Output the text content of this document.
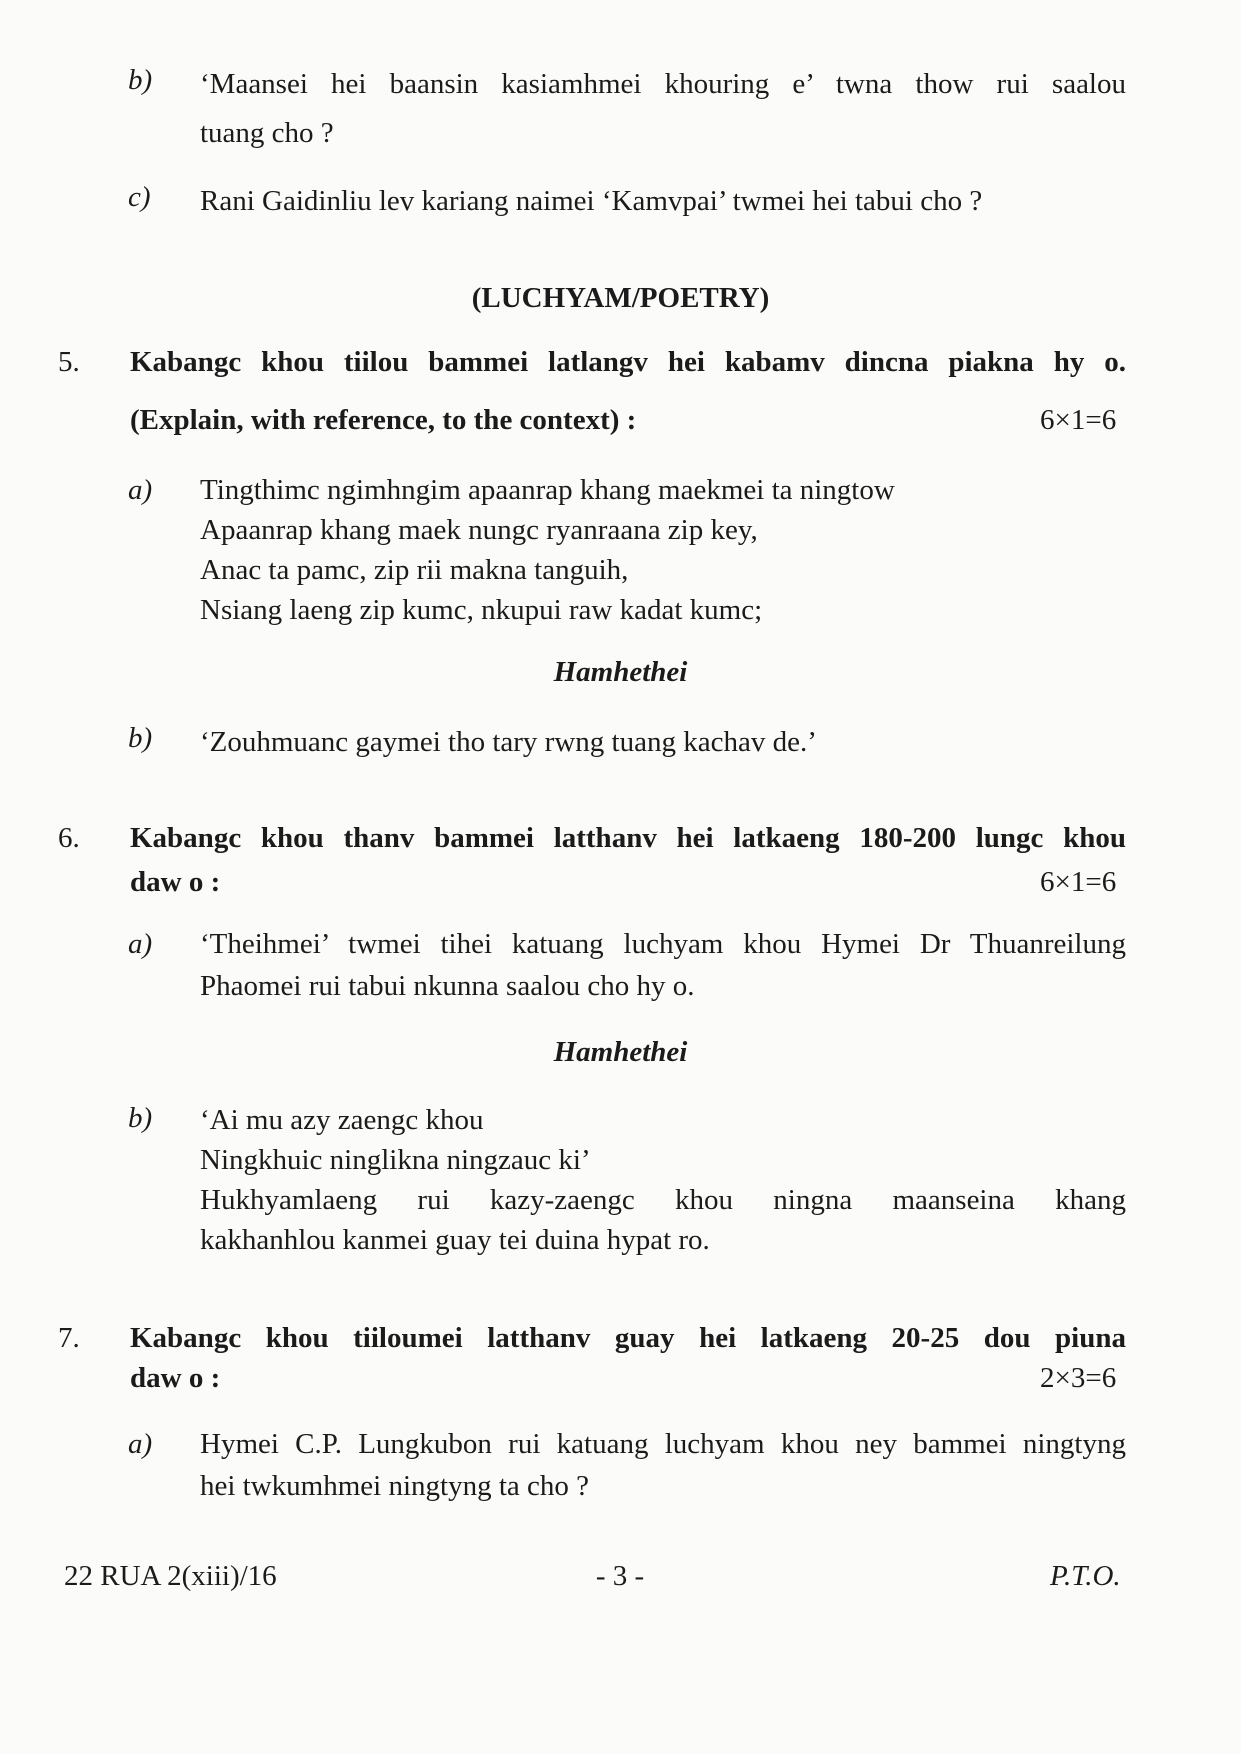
b) ‘Maansei hei baansin kasiamhmei khouring e’ twna thow rui saalou
tuang cho ?
c) Rani Gaidinliu lev kariang naimei ‘Kamvpai’ twmei hei tabui cho ?
(LUCHYAM/POETRY)
5. Kabangc khou tiilou bammei latlangv hei kabamv dincna piakna hy o.
(Explain, with reference, to the context) :	6×1=6
a) Tingthimc ngimhngim apaanrap khang maekmei ta ningtow
Apaanrap khang maek nungc ryanraana zip key,
Anac ta pamc, zip rii makna tanguih,
Nsiang laeng zip kumc, nkupui raw kadat kumc;
Hamhethei
b) ‘Zouhmuanc gaymei tho tary rwng tuang kachav de.’
6. Kabangc khou thanv bammei latthanv hei latkaeng 180-200 lungc khou
daw o :	6×1=6
a) ‘Theihmei’ twmei tihei katuang luchyam khou Hymei Dr Thuanreilung
Phaomei rui tabui nkunna saalou cho hy o.
Hamhethei
b) ‘Ai mu azy zaengc khou
Ningkhuic ninglikna ningzauc ki’
Hukhyamlaeng rui kazy-zaengc khou ningna maanseina khang
kakhanhlou kanmei guay tei duina hypat ro.
7. Kabangc khou tiiloumei latthanv guay hei latkaeng 20-25 dou piuna
daw o :	2×3=6
a) Hymei C.P. Lungkubon rui katuang luchyam khou ney bammei ningtyng
hei twkumhmei ningtyng ta cho ?
22 RUA 2(xiii)/16	- 3 -	P.T.O.
